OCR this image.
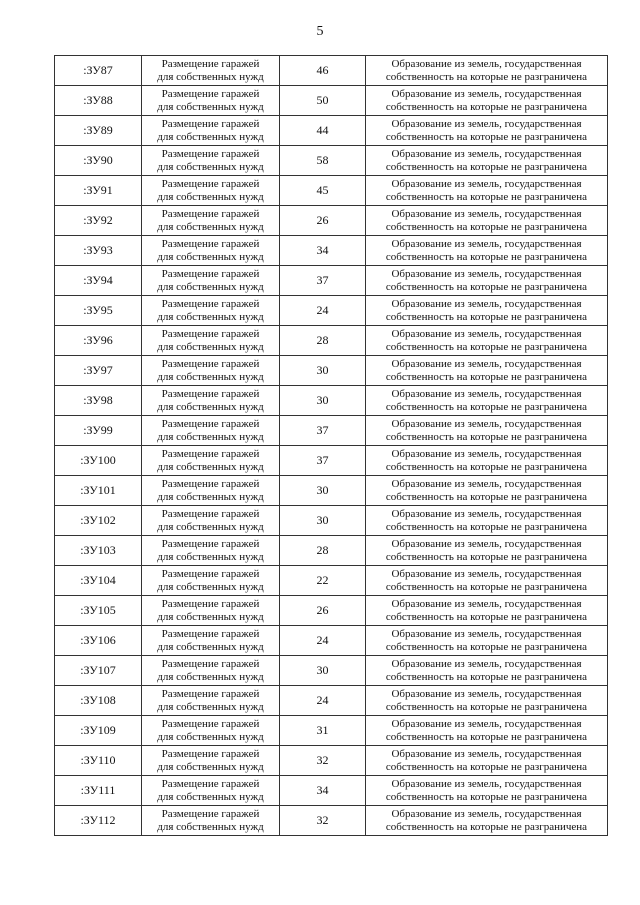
5
:ЗУ87	Размещение гаражей
для собственных нужд	46	Образование из земель, государственная
собственность на которые не разграничена

:ЗУ88	Размещение гаражей
для собственных нужд	50	Образование из земель, государственная
собственность на которые не разграничена

:ЗУ89	Размещение гаражей
для собственных нужд	44	Образование из земель, государственная
собственность на которые не разграничена

:ЗУ90	Размещение гаражей
для собственных нужд	58	Образование из земель, государственная
собственность на которые не разграничена

:ЗУ91	Размещение гаражей
для собственных нужд	45	Образование из земель, государственная
собственность на которые не разграничена

:ЗУ92	Размещение гаражей
для собственных нужд	26	Образование из земель, государственная
собственность на которые не разграничена

:ЗУ93	Размещение гаражей
для собственных нужд	34	Образование из земель, государственная
собственность на которые не разграничена

:ЗУ94	Размещение гаражей
для собственных нужд	37	Образование из земель, государственная
собственность на которые не разграничена

:ЗУ95	Размещение гаражей
для собственных нужд	24	Образование из земель, государственная
собственность на которые не разграничена

:ЗУ96	Размещение гаражей
для собственных нужд	28	Образование из земель, государственная
собственность на которые не разграничена

:ЗУ97	Размещение гаражей
для собственных нужд	30	Образование из земель, государственная
собственность на которые не разграничена

:ЗУ98	Размещение гаражей
для собственных нужд	30	Образование из земель, государственная
собственность на которые не разграничена

:ЗУ99	Размещение гаражей
для собственных нужд	37	Образование из земель, государственная
собственность на которые не разграничена

:ЗУ100	Размещение гаражей
для собственных нужд	37	Образование из земель, государственная
собственность на которые не разграничена

:ЗУ101	Размещение гаражей
для собственных нужд	30	Образование из земель, государственная
собственность на которые не разграничена

:ЗУ102	Размещение гаражей
для собственных нужд	30	Образование из земель, государственная
собственность на которые не разграничена

:ЗУ103	Размещение гаражей
для собственных нужд	28	Образование из земель, государственная
собственность на которые не разграничена

:ЗУ104	Размещение гаражей
для собственных нужд	22	Образование из земель, государственная
собственность на которые не разграничена

:ЗУ105	Размещение гаражей
для собственных нужд	26	Образование из земель, государственная
собственность на которые не разграничена

:ЗУ106	Размещение гаражей
для собственных нужд	24	Образование из земель, государственная
собственность на которые не разграничена

:ЗУ107	Размещение гаражей
для собственных нужд	30	Образование из земель, государственная
собственность на которые не разграничена

:ЗУ108	Размещение гаражей
для собственных нужд	24	Образование из земель, государственная
собственность на которые не разграничена

:ЗУ109	Размещение гаражей
для собственных нужд	31	Образование из земель, государственная
собственность на которые не разграничена

:ЗУ110	Размещение гаражей
для собственных нужд	32	Образование из земель, государственная
собственность на которые не разграничена

:ЗУ111	Размещение гаражей
для собственных нужд	34	Образование из земель, государственная
собственность на которые не разграничена

:ЗУ112	Размещение гаражей
для собственных нужд	32	Образование из земель, государственная
собственность на которые не разграничена
